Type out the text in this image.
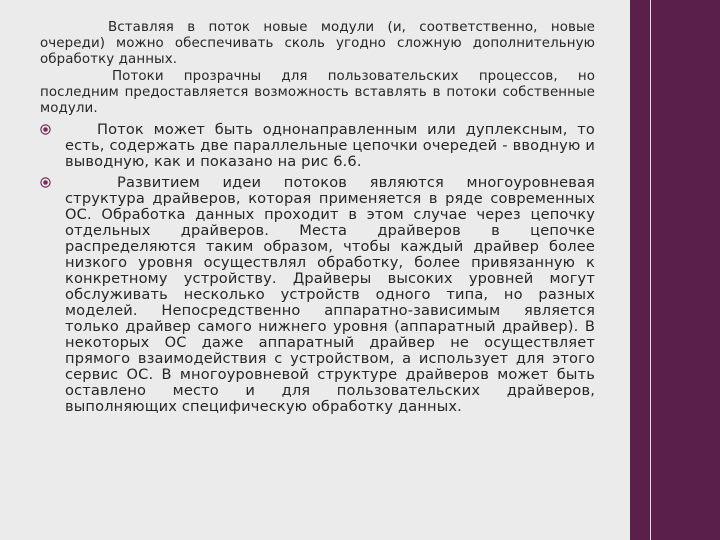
Вставляя в поток новые модули (и, соответственно, новые очереди) можно обеспечивать сколь угодно сложную дополнительную обработку данных.

Потоки прозрачны для пользовательских процессов, но последним предоставляется возможность вставлять в потоки собственные модули.

Поток может быть однонаправленным или дуплексным, то есть, содержать две параллельные цепочки очередей - вводную и выводную, как и показано на рис 6.6.
Развитием идеи потоков являются многоуровневая структура драйверов, которая применяется в ряде современных ОС. Обработка данных проходит в этом случае через цепочку отдельных драйверов. Места драйверов в цепочке распределяются таким образом, чтобы каждый драйвер более низкого уровня осуществлял обработку, более привязанную к конкретному устройству. Драйверы высоких уровней могут обслуживать несколько устройств одного типа, но разных моделей. Непосредственно аппаратно-зависимым является только драйвер самого нижнего уровня (аппаратный драйвер). В некоторых ОС даже аппаратный драйвер не осуществляет прямого взаимодействия с устройством, а использует для этого сервис ОС. В многоуровневой структуре драйверов может быть оставлено место и для пользовательских драйверов, выполняющих специфическую обработку данных.
